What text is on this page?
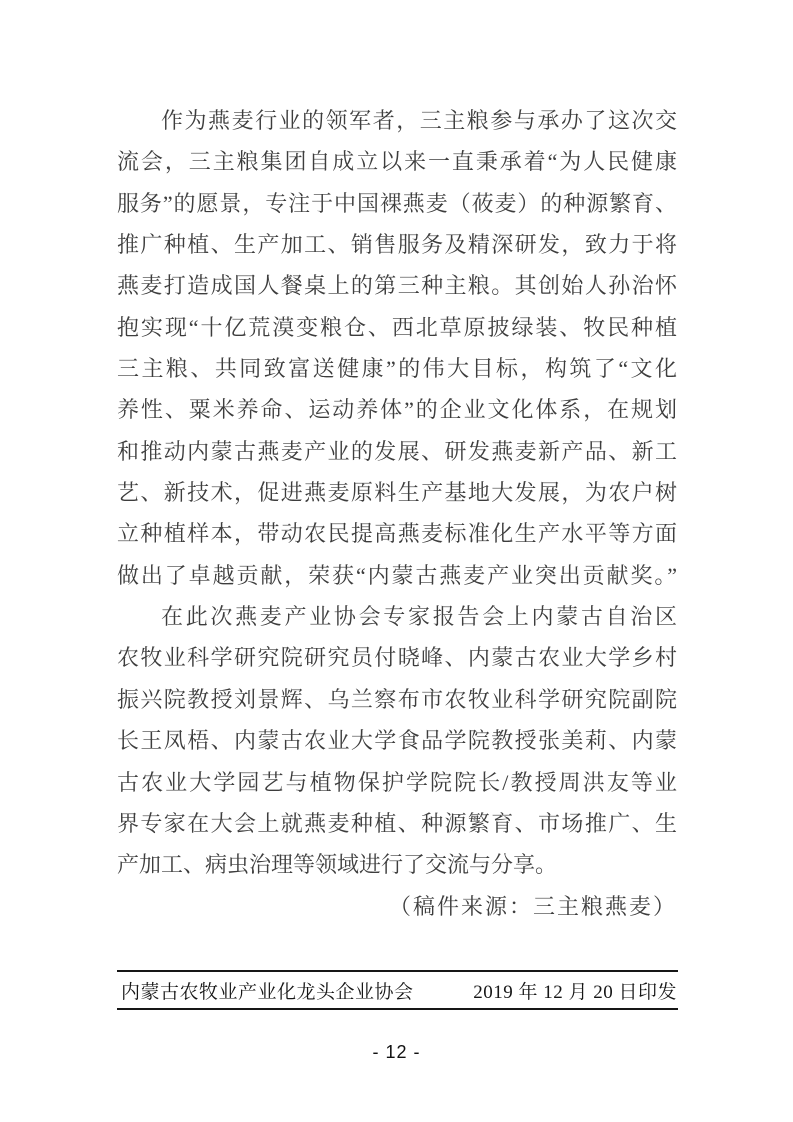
作为燕麦行业的领军者，三主粮参与承办了这次交
流会，三主粮集团自成立以来一直秉承着“为人民健康
服务”的愿景，专注于中国裸燕麦（莜麦）的种源繁育、
推广种植、生产加工、销售服务及精深研发，致力于将
燕麦打造成国人餐桌上的第三种主粮。其创始人孙治怀
抱实现“十亿荒漠变粮仓、西北草原披绿装、牧民种植
三主粮、共同致富送健康”的伟大目标，构筑了“文化
养性、粟米养命、运动养体”的企业文化体系，在规划
和推动内蒙古燕麦产业的发展、研发燕麦新产品、新工
艺、新技术，促进燕麦原料生产基地大发展，为农户树
立种植样本，带动农民提高燕麦标准化生产水平等方面
做出了卓越贡献，荣获“内蒙古燕麦产业突出贡献奖。”
在此次燕麦产业协会专家报告会上内蒙古自治区
农牧业科学研究院研究员付晓峰、内蒙古农业大学乡村
振兴院教授刘景辉、乌兰察布市农牧业科学研究院副院
长王凤梧、内蒙古农业大学食品学院教授张美莉、内蒙
古农业大学园艺与植物保护学院院长/教授周洪友等业
界专家在大会上就燕麦种植、种源繁育、市场推广、生
产加工、病虫治理等领域进行了交流与分享。
（稿件来源：三主粮燕麦）
内蒙古农牧业产业化龙头企业协会	2019 年 12 月 20 日印发
- 12 -
